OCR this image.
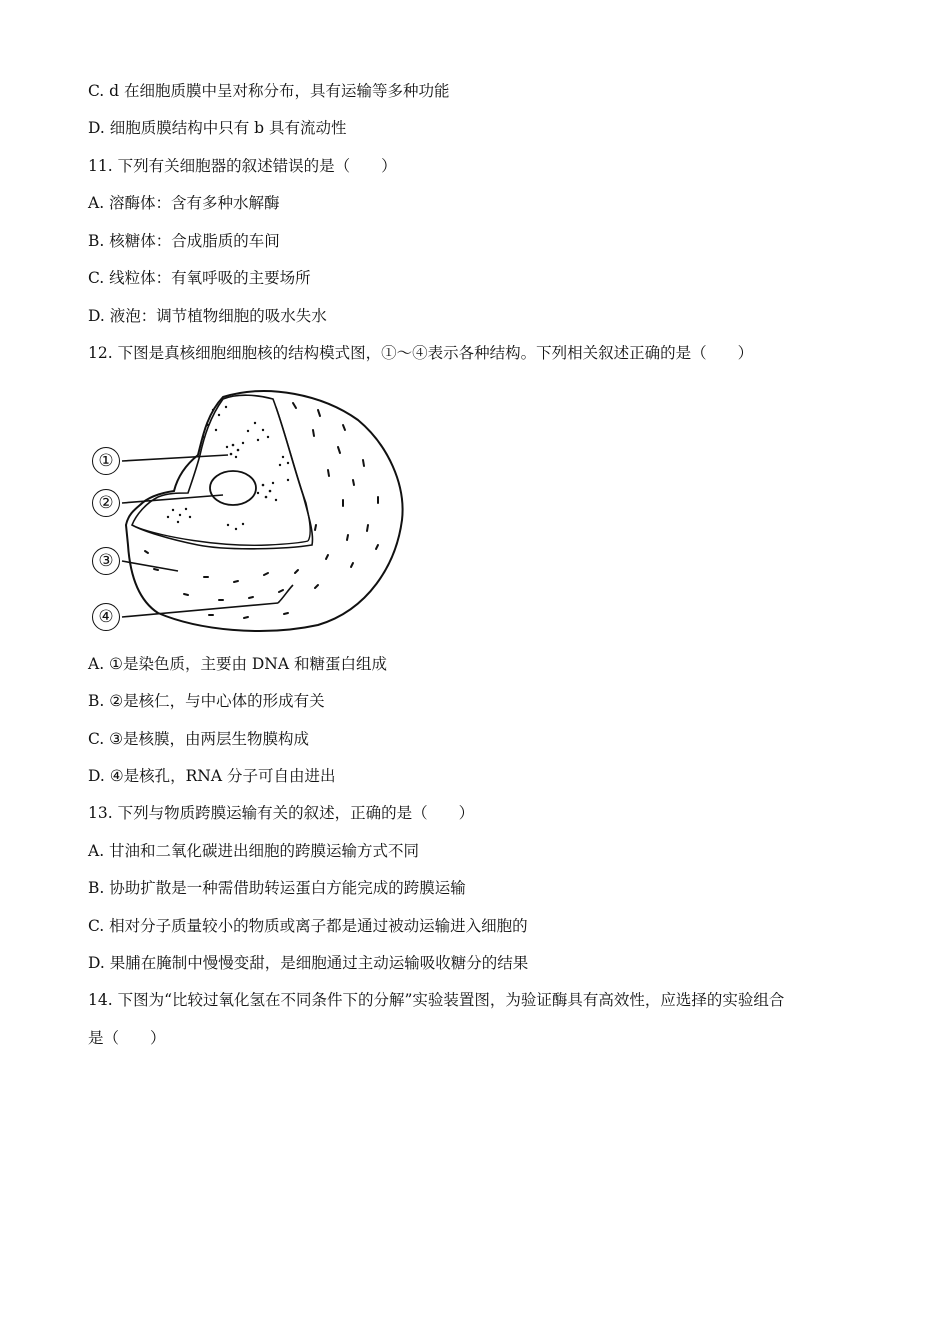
C. d 在细胞质膜中呈对称分布，具有运输等多种功能
D. 细胞质膜结构中只有 b 具有流动性
11. 下列有关细胞器的叙述错误的是（　　）
A. 溶酶体：含有多种水解酶
B. 核糖体：合成脂质的车间
C. 线粒体：有氧呼吸的主要场所
D. 液泡：调节植物细胞的吸水失水
12. 下图是真核细胞细胞核的结构模式图，①～④表示各种结构。下列相关叙述正确的是（　　）
①
②
③
④
A. ①是染色质，主要由 DNA 和糖蛋白组成
B. ②是核仁，与中心体的形成有关
C. ③是核膜，由两层生物膜构成
D. ④是核孔，RNA 分子可自由进出
13. 下列与物质跨膜运输有关的叙述，正确的是（　　）
A. 甘油和二氧化碳进出细胞的跨膜运输方式不同
B. 协助扩散是一种需借助转运蛋白方能完成的跨膜运输
C. 相对分子质量较小的物质或离子都是通过被动运输进入细胞的
D. 果脯在腌制中慢慢变甜，是细胞通过主动运输吸收糖分的结果
14. 下图为“比较过氧化氢在不同条件下的分解”实验装置图，为验证酶具有高效性，应选择的实验组合
是（　　）
